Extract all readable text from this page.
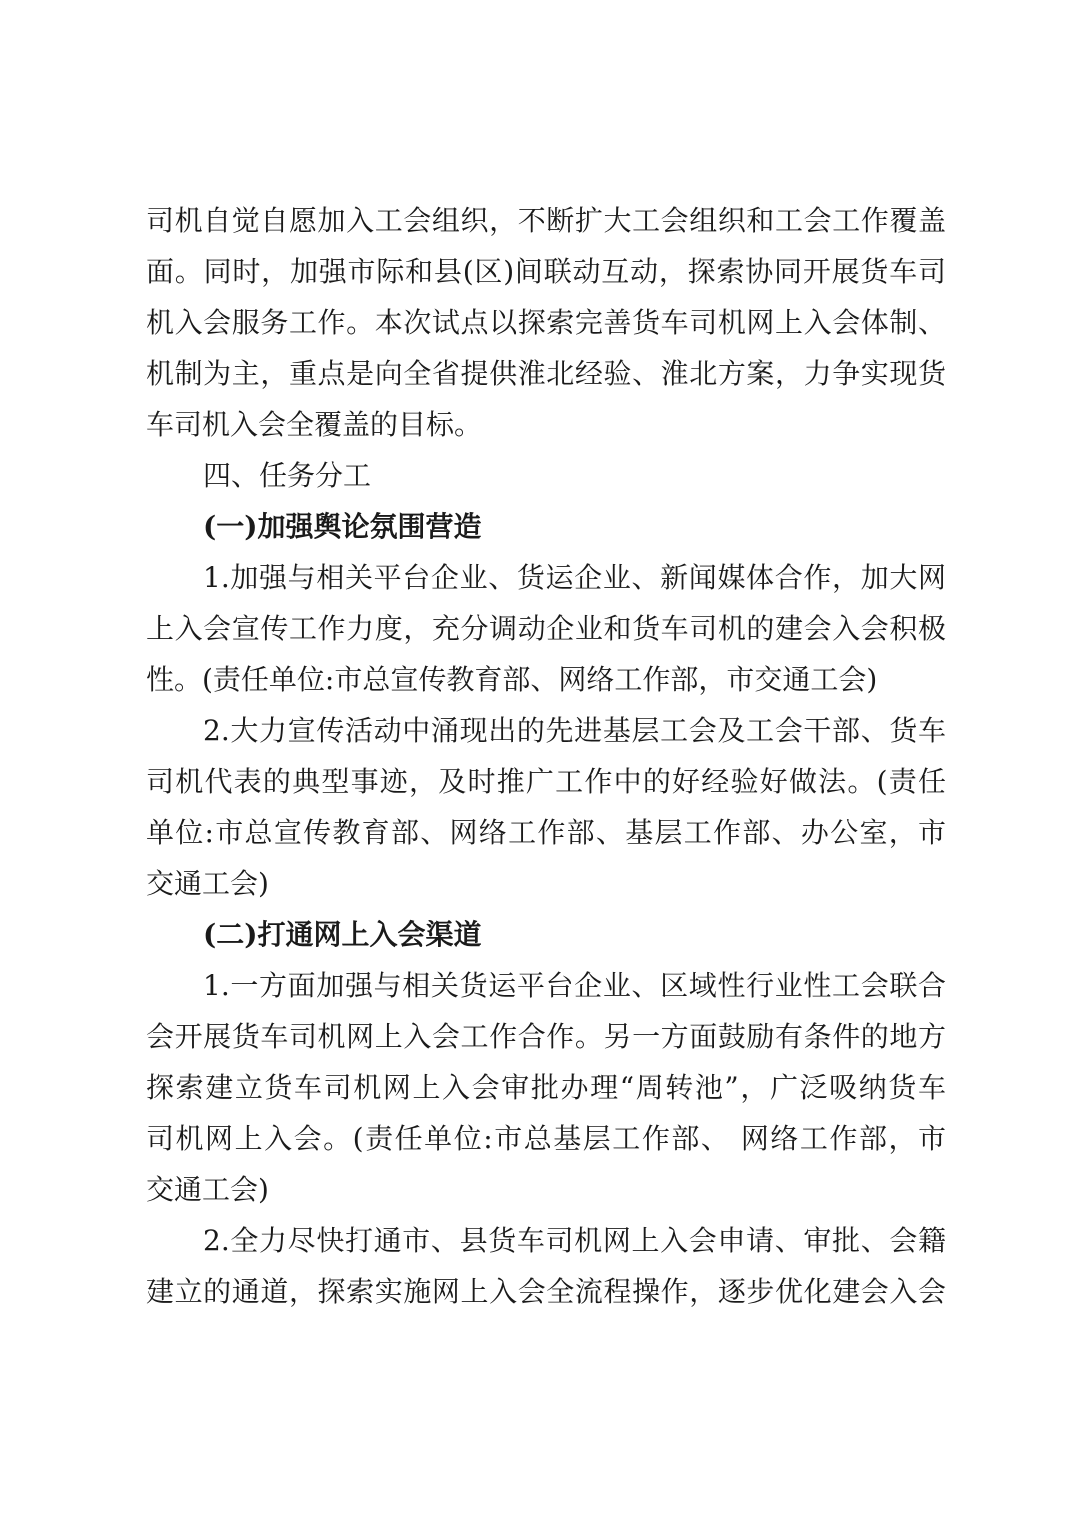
司机自觉自愿加入工会组织，不断扩大工会组织和工会工作覆盖
面。同时，加强市际和县(区)间联动互动，探索协同开展货车司
机入会服务工作。本次试点以探索完善货车司机网上入会体制、
机制为主，重点是向全省提供淮北经验、淮北方案，力争实现货
车司机入会全覆盖的目标。
四、任务分工
(一)加强舆论氛围营造
1.加强与相关平台企业、货运企业、新闻媒体合作，加大网
上入会宣传工作力度，充分调动企业和货车司机的建会入会积极
性。(责任单位:市总宣传教育部、网络工作部，市交通工会)
2.大力宣传活动中涌现出的先进基层工会及工会干部、货车
司机代表的典型事迹，及时推广工作中的好经验好做法。(责任
单位:市总宣传教育部、网络工作部、基层工作部、办公室，市
交通工会)
(二)打通网上入会渠道
1.一方面加强与相关货运平台企业、区域性行业性工会联合
会开展货车司机网上入会工作合作。另一方面鼓励有条件的地方
探索建立货车司机网上入会审批办理“周转池”，广泛吸纳货车
司机网上入会。(责任单位:市总基层工作部、 网络工作部，市
交通工会)
2.全力尽快打通市、县货车司机网上入会申请、审批、会籍
建立的通道，探索实施网上入会全流程操作，逐步优化建会入会
